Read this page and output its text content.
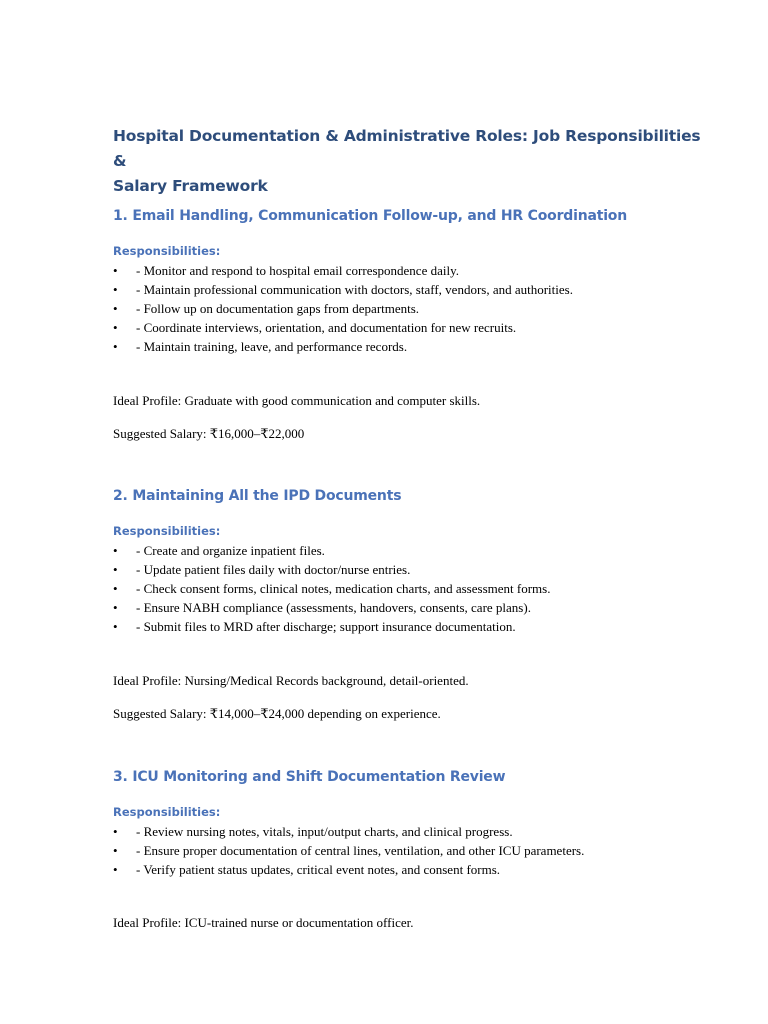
Hospital Documentation & Administrative Roles: Job Responsibilities &
Salary Framework
1. Email Handling, Communication Follow-up, and HR Coordination
Responsibilities:
• - Monitor and respond to hospital email correspondence daily.
• - Maintain professional communication with doctors, staff, vendors, and authorities.
• - Follow up on documentation gaps from departments.
• - Coordinate interviews, orientation, and documentation for new recruits.
• - Maintain training, leave, and performance records.

Ideal Profile: Graduate with good communication and computer skills.

Suggested Salary: ₹16,000–₹22,000

2. Maintaining All the IPD Documents
Responsibilities:
• - Create and organize inpatient files.
• - Update patient files daily with doctor/nurse entries.
• - Check consent forms, clinical notes, medication charts, and assessment forms.
• - Ensure NABH compliance (assessments, handovers, consents, care plans).
• - Submit files to MRD after discharge; support insurance documentation.

Ideal Profile: Nursing/Medical Records background, detail-oriented.

Suggested Salary: ₹14,000–₹24,000 depending on experience.

3. ICU Monitoring and Shift Documentation Review
Responsibilities:
• - Review nursing notes, vitals, input/output charts, and clinical progress.
• - Ensure proper documentation of central lines, ventilation, and other ICU parameters.
• - Verify patient status updates, critical event notes, and consent forms.

Ideal Profile: ICU-trained nurse or documentation officer.
